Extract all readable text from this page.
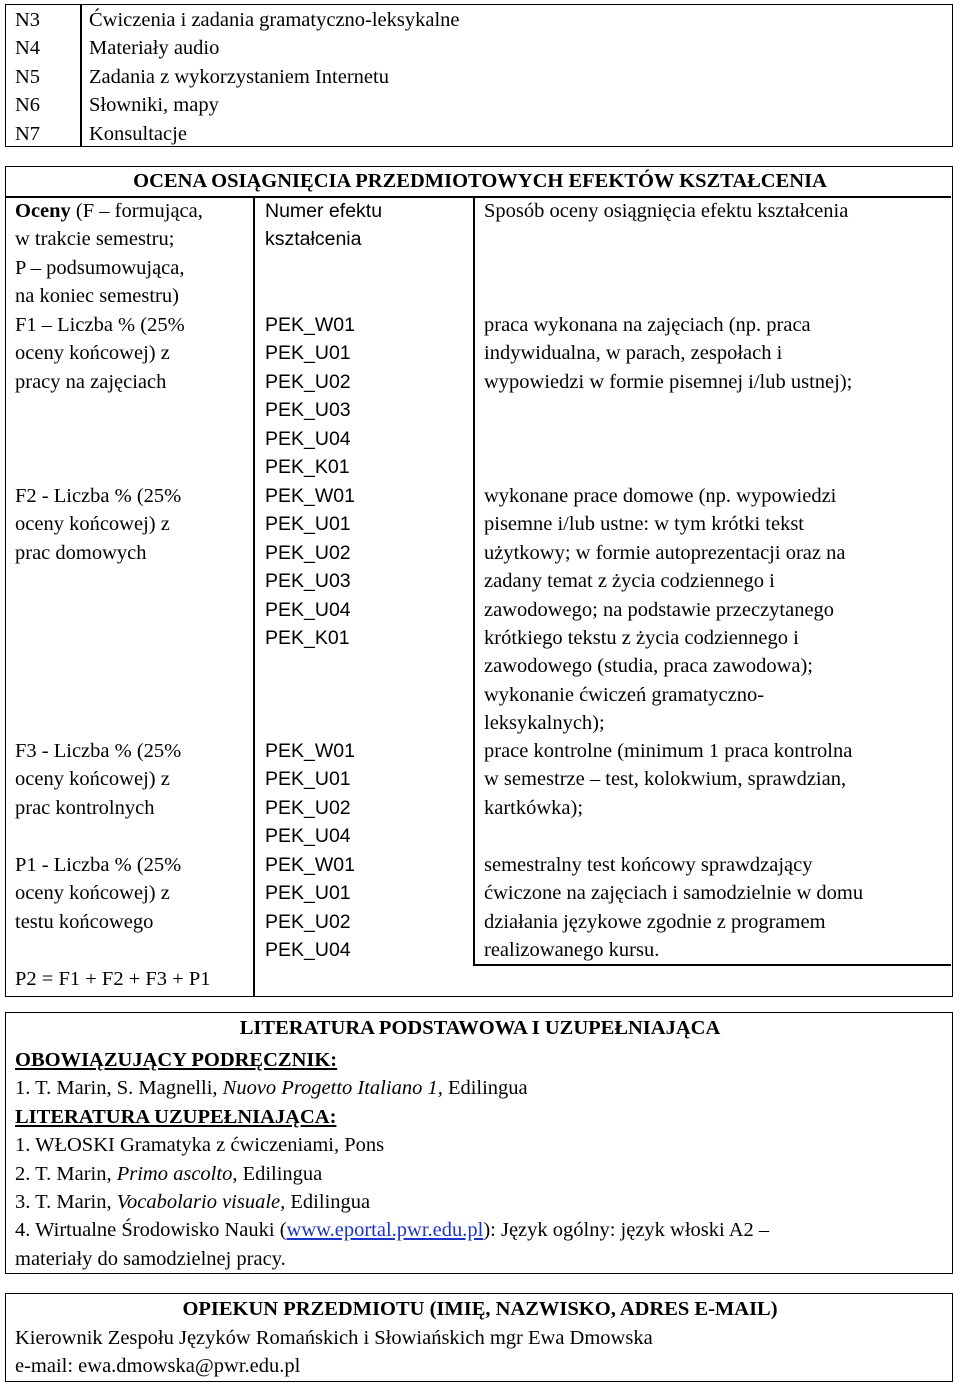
N3 Ćwiczenia i zadania gramatyczno-leksykalne
N4 Materiały audio
N5 Zadania z wykorzystaniem Internetu
N6 Słowniki, mapy
N7 Konsultacje
OCENA OSIĄGNIĘCIA PRZEDMIOTOWYCH EFEKTÓW KSZTAŁCENIA
Oceny (F – formująca,
w trakcie semestru;
P – podsumowująca,
na koniec semestru)
Numer efektu
kształcenia
Sposób oceny osiągnięcia efektu kształcenia
F1 – Liczba % (25%
oceny końcowej) z
pracy na zajęciach
PEK_W01
PEK_U01
PEK_U02
PEK_U03
PEK_U04
PEK_K01
praca wykonana na zajęciach (np. praca
indywidualna, w parach, zespołach i
wypowiedzi w formie pisemnej i/lub ustnej);
F2 - Liczba % (25%
oceny końcowej) z
prac domowych
PEK_W01
PEK_U01
PEK_U02
PEK_U03
PEK_U04
PEK_K01
wykonane prace domowe (np. wypowiedzi
pisemne i/lub ustne: w tym krótki tekst
użytkowy; w formie autoprezentacji oraz na
zadany temat z życia codziennego i
zawodowego; na podstawie przeczytanego
krótkiego tekstu z życia codziennego i
zawodowego (studia, praca zawodowa);
wykonanie ćwiczeń gramatyczno-
leksykalnych);
F3 - Liczba % (25%
oceny końcowej) z
prac kontrolnych
PEK_W01
PEK_U01
PEK_U02
PEK_U04
prace kontrolne (minimum 1 praca kontrolna
w semestrze – test, kolokwium, sprawdzian,
kartkówka);
P1 - Liczba % (25%
oceny końcowej) z
testu końcowego
PEK_W01
PEK_U01
PEK_U02
PEK_U04
semestralny test końcowy sprawdzający
ćwiczone na zajęciach i samodzielnie w domu
działania językowe zgodnie z programem
realizowanego kursu.
P2 = F1 + F2 + F3 + P1
LITERATURA PODSTAWOWA I UZUPEŁNIAJĄCA
OBOWIĄZUJĄCY PODRĘCZNIK:
1. T. Marin, S. Magnelli, Nuovo Progetto Italiano 1, Edilingua
LITERATURA UZUPEŁNIAJĄCA:
1. WŁOSKI Gramatyka z ćwiczeniami, Pons
2. T. Marin, Primo ascolto, Edilingua
3. T. Marin, Vocabolario visuale, Edilingua
4. Wirtualne Środowisko Nauki (www.eportal.pwr.edu.pl): Język ogólny: język włoski A2 –
materiały do samodzielnej pracy.
OPIEKUN PRZEDMIOTU (IMIĘ, NAZWISKO, ADRES E-MAIL)
Kierownik Zespołu Języków Romańskich i Słowiańskich mgr Ewa Dmowska
e-mail: ewa.dmowska@pwr.edu.pl
